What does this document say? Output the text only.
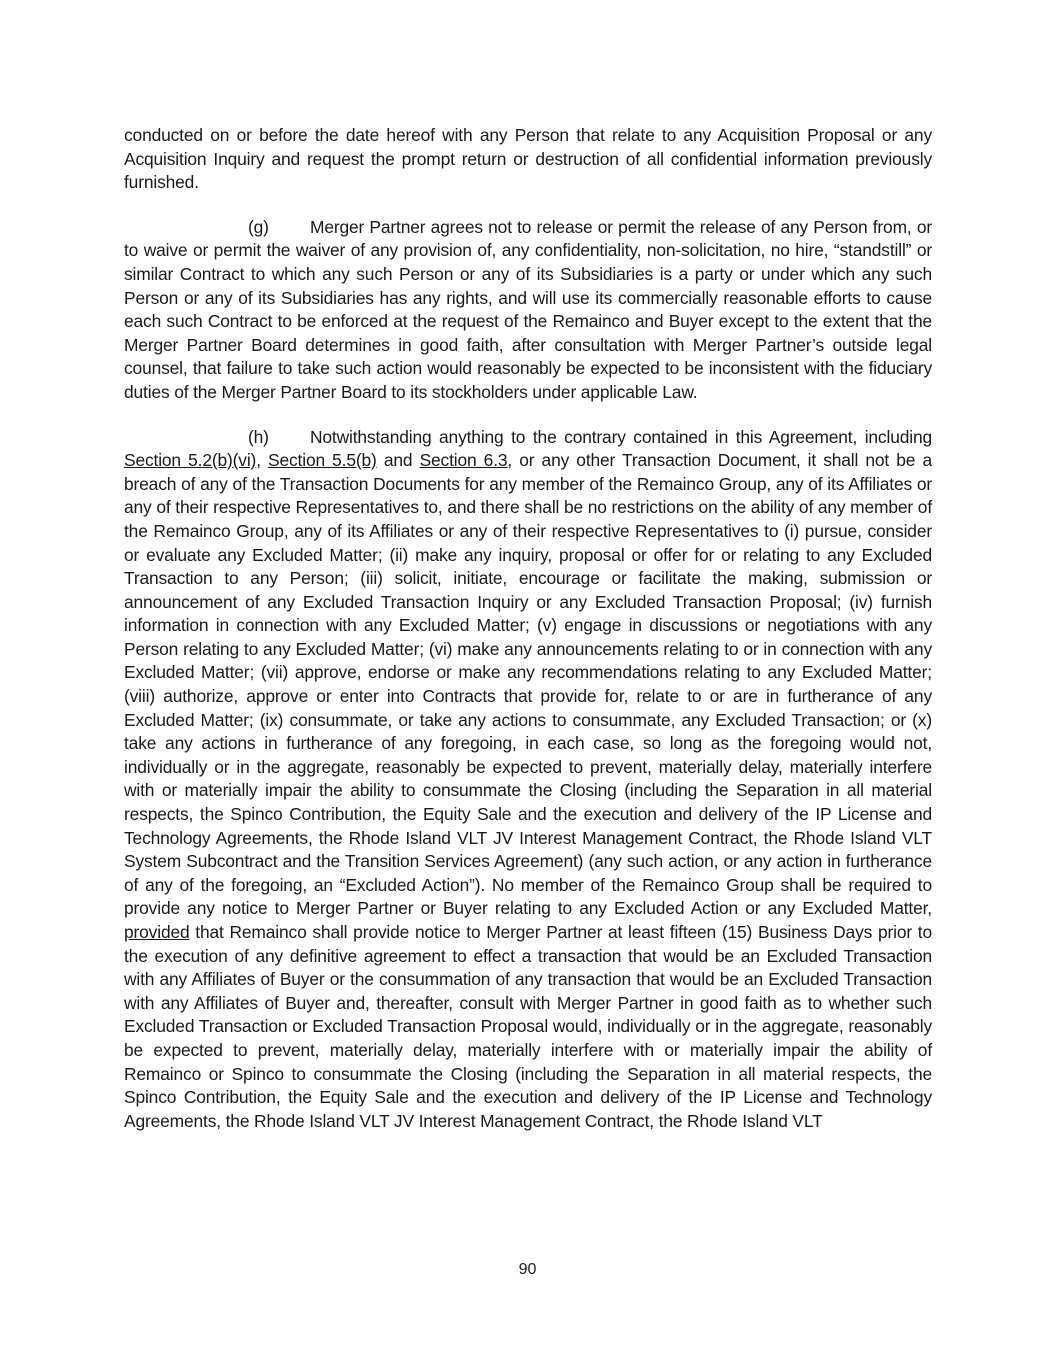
conducted on or before the date hereof with any Person that relate to any Acquisition Proposal or any Acquisition Inquiry and request the prompt return or destruction of all confidential information previously furnished.

(g) Merger Partner agrees not to release or permit the release of any Person from, or to waive or permit the waiver of any provision of, any confidentiality, non-solicitation, no hire, “standstill” or similar Contract to which any such Person or any of its Subsidiaries is a party or under which any such Person or any of its Subsidiaries has any rights, and will use its commercially reasonable efforts to cause each such Contract to be enforced at the request of the Remainco and Buyer except to the extent that the Merger Partner Board determines in good faith, after consultation with Merger Partner’s outside legal counsel, that failure to take such action would reasonably be expected to be inconsistent with the fiduciary duties of the Merger Partner Board to its stockholders under applicable Law.

(h) Notwithstanding anything to the contrary contained in this Agreement, including Section 5.2(b)(vi), Section 5.5(b) and Section 6.3, or any other Transaction Document, it shall not be a breach of any of the Transaction Documents for any member of the Remainco Group, any of its Affiliates or any of their respective Representatives to, and there shall be no restrictions on the ability of any member of the Remainco Group, any of its Affiliates or any of their respective Representatives to (i) pursue, consider or evaluate any Excluded Matter; (ii) make any inquiry, proposal or offer for or relating to any Excluded Transaction to any Person; (iii) solicit, initiate, encourage or facilitate the making, submission or announcement of any Excluded Transaction Inquiry or any Excluded Transaction Proposal; (iv) furnish information in connection with any Excluded Matter; (v) engage in discussions or negotiations with any Person relating to any Excluded Matter; (vi) make any announcements relating to or in connection with any Excluded Matter; (vii) approve, endorse or make any recommendations relating to any Excluded Matter; (viii) authorize, approve or enter into Contracts that provide for, relate to or are in furtherance of any Excluded Matter; (ix) consummate, or take any actions to consummate, any Excluded Transaction; or (x) take any actions in furtherance of any foregoing, in each case, so long as the foregoing would not, individually or in the aggregate, reasonably be expected to prevent, materially delay, materially interfere with or materially impair the ability to consummate the Closing (including the Separation in all material respects, the Spinco Contribution, the Equity Sale and the execution and delivery of the IP License and Technology Agreements, the Rhode Island VLT JV Interest Management Contract, the Rhode Island VLT System Subcontract and the Transition Services Agreement) (any such action, or any action in furtherance of any of the foregoing, an “Excluded Action”). No member of the Remainco Group shall be required to provide any notice to Merger Partner or Buyer relating to any Excluded Action or any Excluded Matter, provided that Remainco shall provide notice to Merger Partner at least fifteen (15) Business Days prior to the execution of any definitive agreement to effect a transaction that would be an Excluded Transaction with any Affiliates of Buyer or the consummation of any transaction that would be an Excluded Transaction with any Affiliates of Buyer and, thereafter, consult with Merger Partner in good faith as to whether such Excluded Transaction or Excluded Transaction Proposal would, individually or in the aggregate, reasonably be expected to prevent, materially delay, materially interfere with or materially impair the ability of Remainco or Spinco to consummate the Closing (including the Separation in all material respects, the Spinco Contribution, the Equity Sale and the execution and delivery of the IP License and Technology Agreements, the Rhode Island VLT JV Interest Management Contract, the Rhode Island VLT

90
